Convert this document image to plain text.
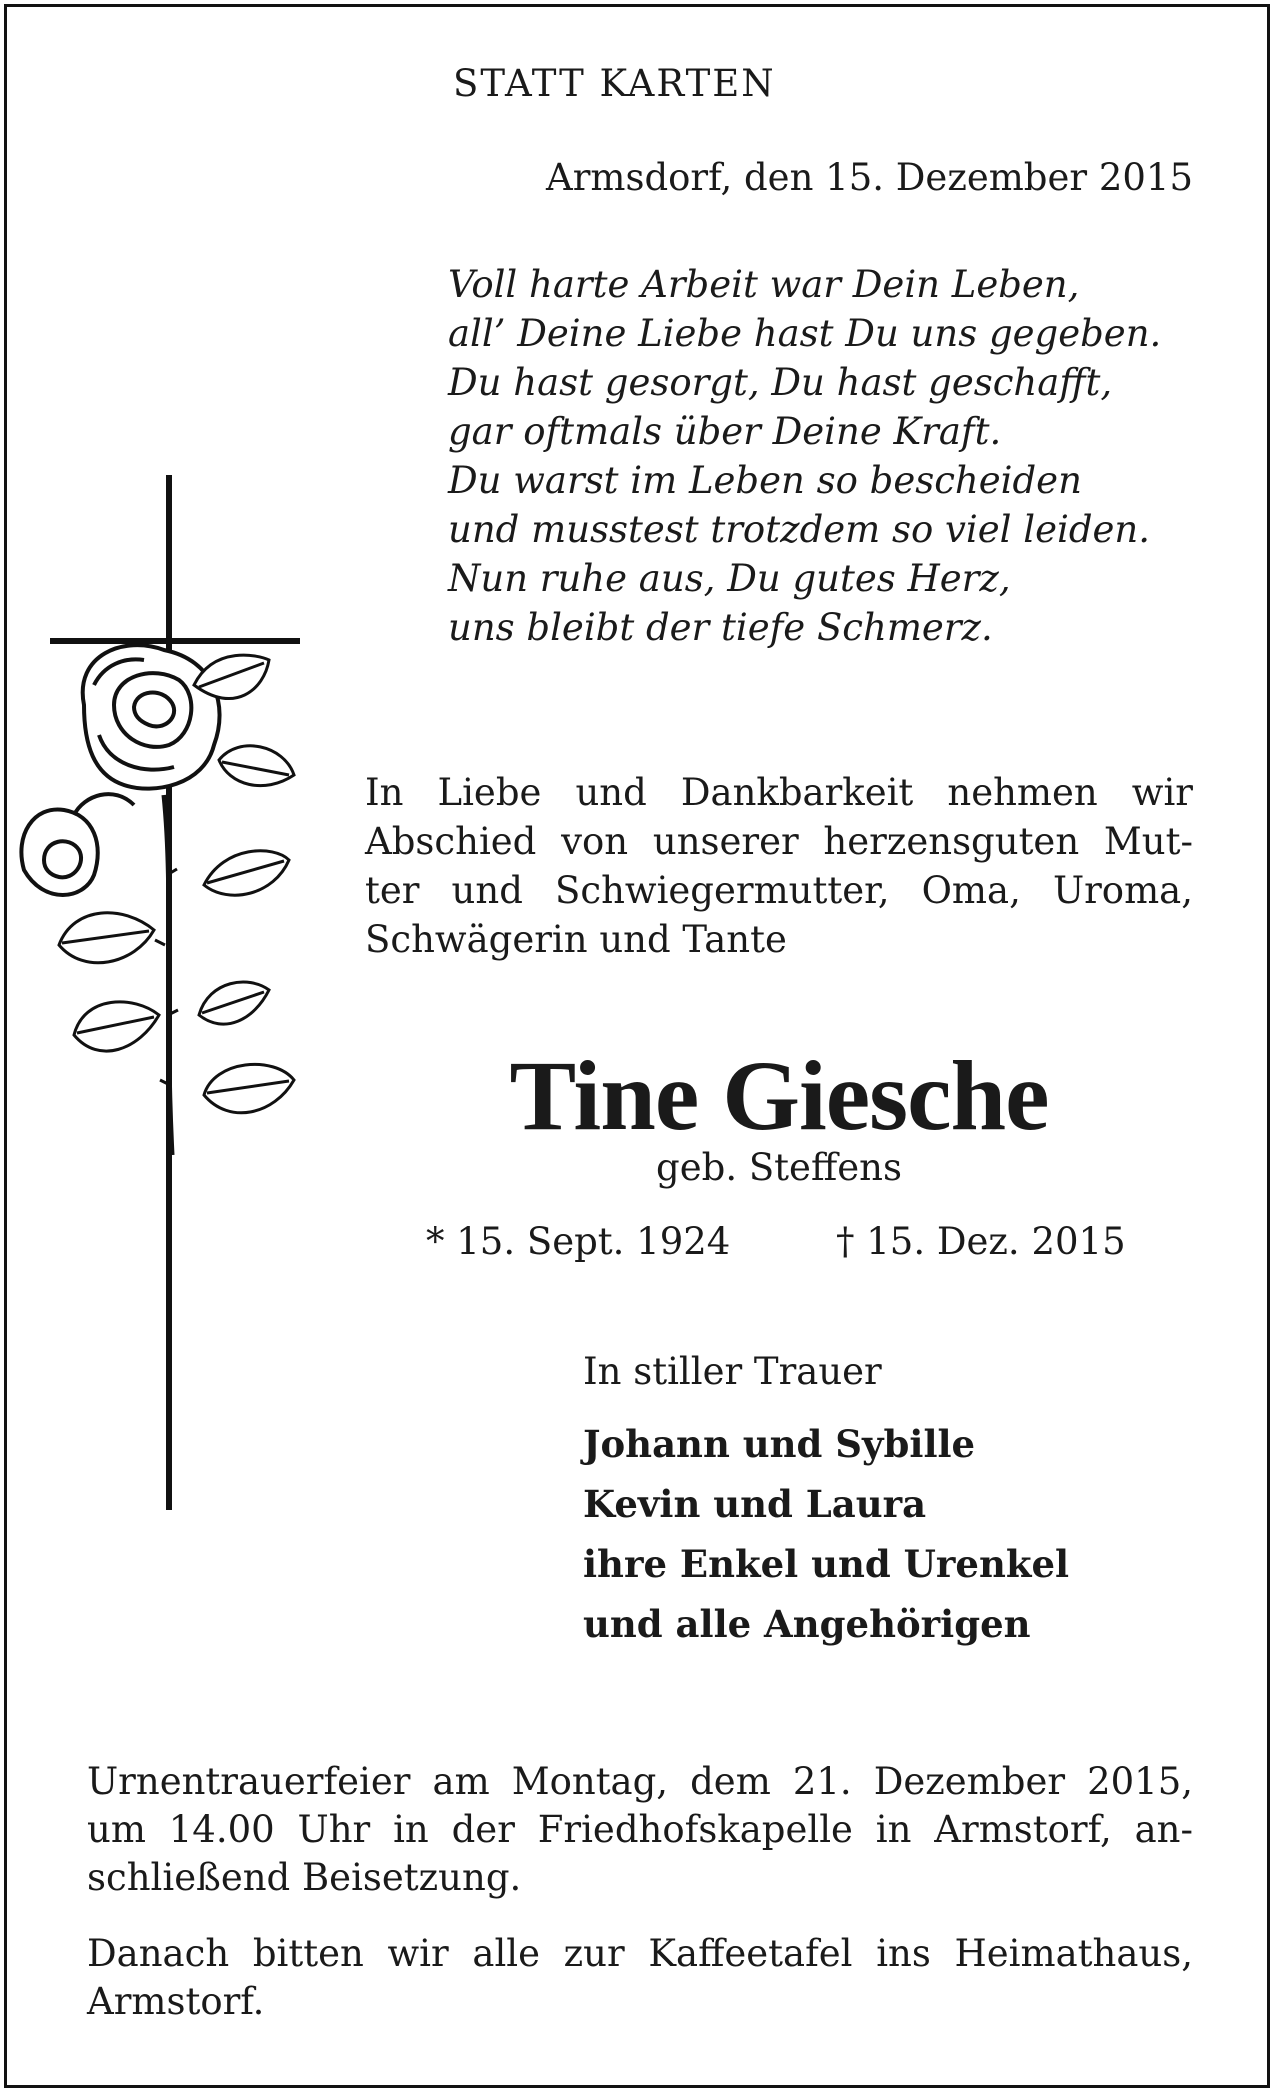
STATT KARTEN
Armsdorf, den 15. Dezember 2015
Voll harte Arbeit war Dein Leben,
all’ Deine Liebe hast Du uns gegeben.
Du hast gesorgt, Du hast geschafft,
gar oftmals über Deine Kraft.
Du warst im Leben so bescheiden
und musstest trotzdem so viel leiden.
Nun ruhe aus, Du gutes Herz,
uns bleibt der tiefe Schmerz.
In Liebe und Dankbarkeit nehmen wir
Abschied von unserer herzensguten Mut-
ter und Schwiegermutter, Oma, Uroma,
Schwägerin und Tante
Tine Giesche
geb. Steffens
* 15. Sept. 1924	† 15. Dez. 2015
In stiller Trauer
Johann und Sybille
Kevin und Laura
ihre Enkel und Urenkel
und alle Angehörigen
Urnentrauerfeier am Montag, dem 21. Dezember 2015,
um 14.00 Uhr in der Friedhofskapelle in Armstorf, an-
schließend Beisetzung.
Danach bitten wir alle zur Kaffeetafel ins Heimathaus,
Armstorf.
